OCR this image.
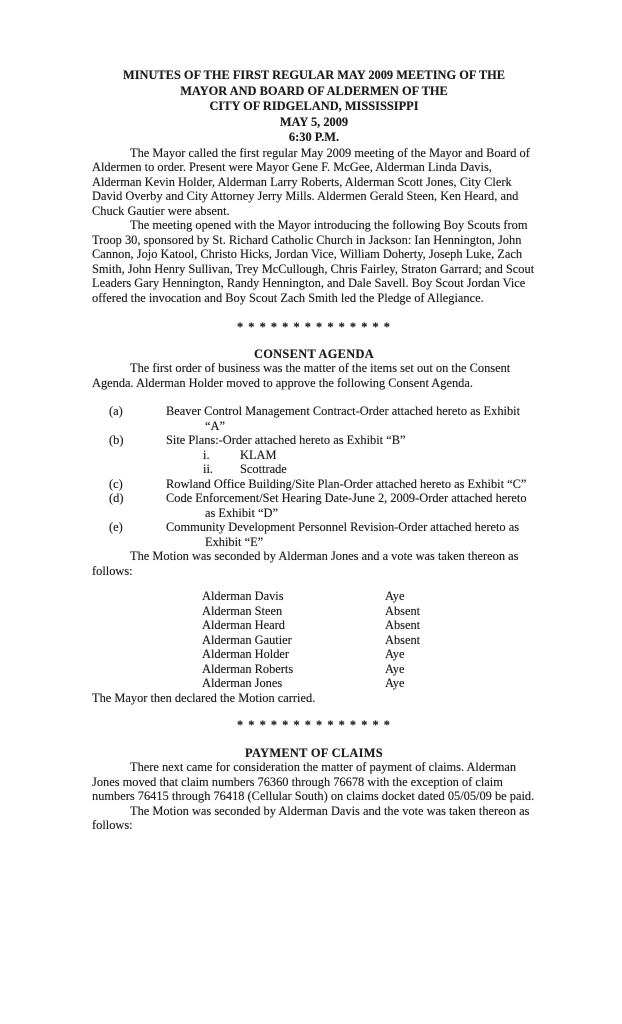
MINUTES OF THE FIRST REGULAR MAY 2009 MEETING OF THE
MAYOR AND BOARD OF ALDERMEN OF THE
CITY OF RIDGELAND, MISSISSIPPI
MAY 5, 2009
6:30 P.M.

The Mayor called the first regular May 2009 meeting of the Mayor and Board of Aldermen to order. Present were Mayor Gene F. McGee, Alderman Linda Davis, Alderman Kevin Holder, Alderman Larry Roberts, Alderman Scott Jones, City Clerk David Overby and City Attorney Jerry Mills. Aldermen Gerald Steen, Ken Heard, and Chuck Gautier were absent.

The meeting opened with the Mayor introducing the following Boy Scouts from Troop 30, sponsored by St. Richard Catholic Church in Jackson: Ian Hennington, John Cannon, Jojo Katool, Christo Hicks, Jordan Vice, William Doherty, Joseph Luke, Zach Smith, John Henry Sullivan, Trey McCullough, Chris Fairley, Straton Garrard; and Scout Leaders Gary Hennington, Randy Hennington, and Dale Savell. Boy Scout Jordan Vice offered the invocation and Boy Scout Zach Smith led the Pledge of Allegiance.

* * * * * * * * * * * * * *
CONSENT AGENDA

The first order of business was the matter of the items set out on the Consent Agenda. Alderman Holder moved to approve the following Consent Agenda.

(a)	Beaver Control Management Contract-Order attached hereto as Exhibit
“A”
(b)	Site Plans:-Order attached hereto as Exhibit “B”
i.	KLAM
ii.	Scottrade
(c)	Rowland Office Building/Site Plan-Order attached hereto as Exhibit “C”
(d)	Code Enforcement/Set Hearing Date-June 2, 2009-Order attached hereto
as Exhibit “D”
(e)	Community Development Personnel Revision-Order attached hereto as
Exhibit “E”

The Motion was seconded by Alderman Jones and a vote was taken thereon as follows:

Alderman Davis	Aye
Alderman Steen	Absent
Alderman Heard	Absent
Alderman Gautier	Absent
Alderman Holder	Aye
Alderman Roberts	Aye
Alderman Jones	Aye

The Mayor then declared the Motion carried.

* * * * * * * * * * * * * *
PAYMENT OF CLAIMS

There next came for consideration the matter of payment of claims. Alderman Jones moved that claim numbers 76360 through 76678 with the exception of claim numbers 76415 through 76418 (Cellular South) on claims docket dated 05/05/09 be paid.

The Motion was seconded by Alderman Davis and the vote was taken thereon as follows:
